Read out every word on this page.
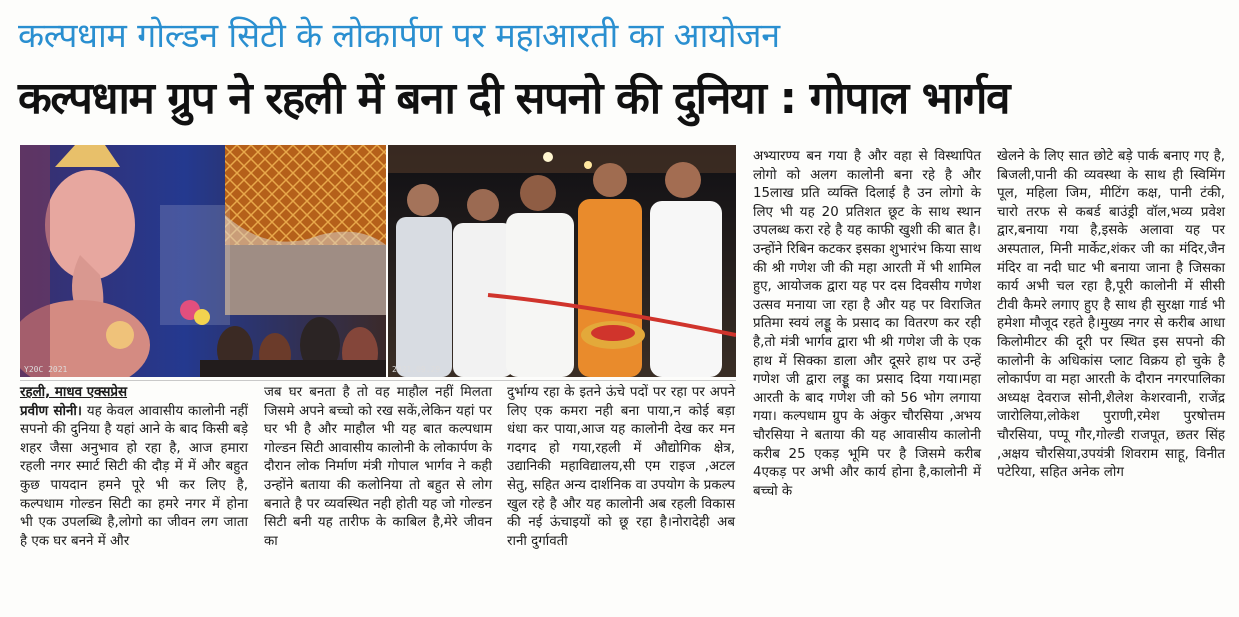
कल्पधाम गोल्डन सिटी के लोकार्पण पर महाआरती का आयोजन
कल्पधाम ग्रुप ने रहली में बना दी सपनो की दुनिया : गोपाल भार्गव
Y20C 2021	2021.09.29
रहली, माधव एक्सप्रेस

प्रवीण सोनी। यह केवल आवासीय कालोनी नहीं सपनो की दुनिया है यहां आने के बाद किसी बड़े शहर जैसा अनुभाव हो रहा है, आज हमारा रहली नगर स्मार्ट सिटी की दौड़ में में और बहुत कुछ पायदान हमने पूरे भी कर लिए है, कल्पधाम गोल्डन सिटी का हमरे नगर में होना भी एक उपलब्धि है,लोगो का जीवन लग जाता है एक घर बनने में और

जब घर बनता है तो वह माहौल नहीं मिलता जिसमे अपने बच्चो को रख सकें,लेकिन यहां पर घर भी है और माहौल भी यह बात कल्पधाम गोल्डन सिटी आवासीय कालोनी के लोकार्पण के दौरान लोक निर्माण मंत्री गोपाल भार्गव ने कही उन्होंने बताया की कलोनिया तो बहुत से लोग बनाते है पर व्यवस्थित नही होती यह जो गोल्डन सिटी बनी यह तारीफ के काबिल है,मेरे जीवन का

दुर्भाग्य रहा के इतने ऊंचे पदों पर रहा पर अपने लिए एक कमरा नही बना पाया,न कोई बड़ा धंधा कर पाया,आज यह कालोनी देख कर मन गदगद हो गया,रहली में औद्योगिक क्षेत्र, उद्यानिकी महाविद्यालय,सी एम राइज ,अटल सेतु, सहित अन्य दार्शनिक वा उपयोग के प्रकल्प खुल रहे है और यह कालोनी अब रहली विकास की नई ऊंचाइयों को छू रहा है।नोरादेही अब रानी दुर्गावती

अभ्यारण्य बन गया है और वहा से विस्थापित लोगो को अलग कालोनी बना रहे है और 15लाख प्रति व्यक्ति दिलाई है उन लोगो के लिए भी यह 20 प्रतिशत छूट के साथ स्थान उपलब्ध करा रहे है यह काफी खुशी की बात है। उन्होंने रिबिन कटकर इसका शुभारंभ किया साथ की श्री गणेश जी की महा आरती में भी शामिल हुए, आयोजक द्वारा यह पर दस दिवसीय गणेश उत्सव मनाया जा रहा है और यह पर विराजित प्रतिमा स्वयं लड्डू के प्रसाद का वितरण कर रही है,तो मंत्री भार्गव द्वारा भी श्री गणेश जी के एक हाथ में सिक्का डाला और दूसरे हाथ पर उन्हें गणेश जी द्वारा लड्डू का प्रसाद दिया गया।महा आरती के बाद गणेश जी को 56 भोग लगाया गया। कल्पधाम ग्रुप के अंकुर चौरसिया ,अभय चौरसिया ने बताया की यह आवासीय कालोनी करीब 25 एकड़ भूमि पर है जिसमे करीब 4एकड़ पर अभी और कार्य होना है,कालोनी में बच्चो के

खेलने के लिए सात छोटे बड़े पार्क बनाए गए है, बिजली,पानी की व्यवस्था के साथ ही स्विमिंग पूल, महिला जिम, मीटिंग कक्ष, पानी टंकी, चारो तरफ से कबर्ड बाउंड्री वॉल,भव्य प्रवेश द्वार,बनाया गया है,इसके अलावा यह पर अस्पताल, मिनी मार्केट,शंकर जी का मंदिर,जैन मंदिर वा नदी घाट भी बनाया जाना है जिसका कार्य अभी चल रहा है,पूरी कालोनी में सीसी टीवी कैमरे लगाए हुए है साथ ही सुरक्षा गार्ड भी हमेशा मौजूद रहते है।मुख्य नगर से करीब आधा किलोमीटर की दूरी पर स्थित इस सपनो की कालोनी के अधिकांस प्लाट विक्रय हो चुके है लोकार्पण वा महा आरती के दौरान नगरपालिका अध्यक्ष देवराज सोनी,शैलेश केशरवानी, राजेंद्र जारोलिया,लोकेश पुराणी,रमेश पुरषोत्तम चौरसिया, पप्पू गौर,गोल्डी राजपूत, छतर सिंह ,अक्षय चौरसिया,उपयंत्री शिवराम साहू, विनीत पटेरिया, सहित अनेक लोग
